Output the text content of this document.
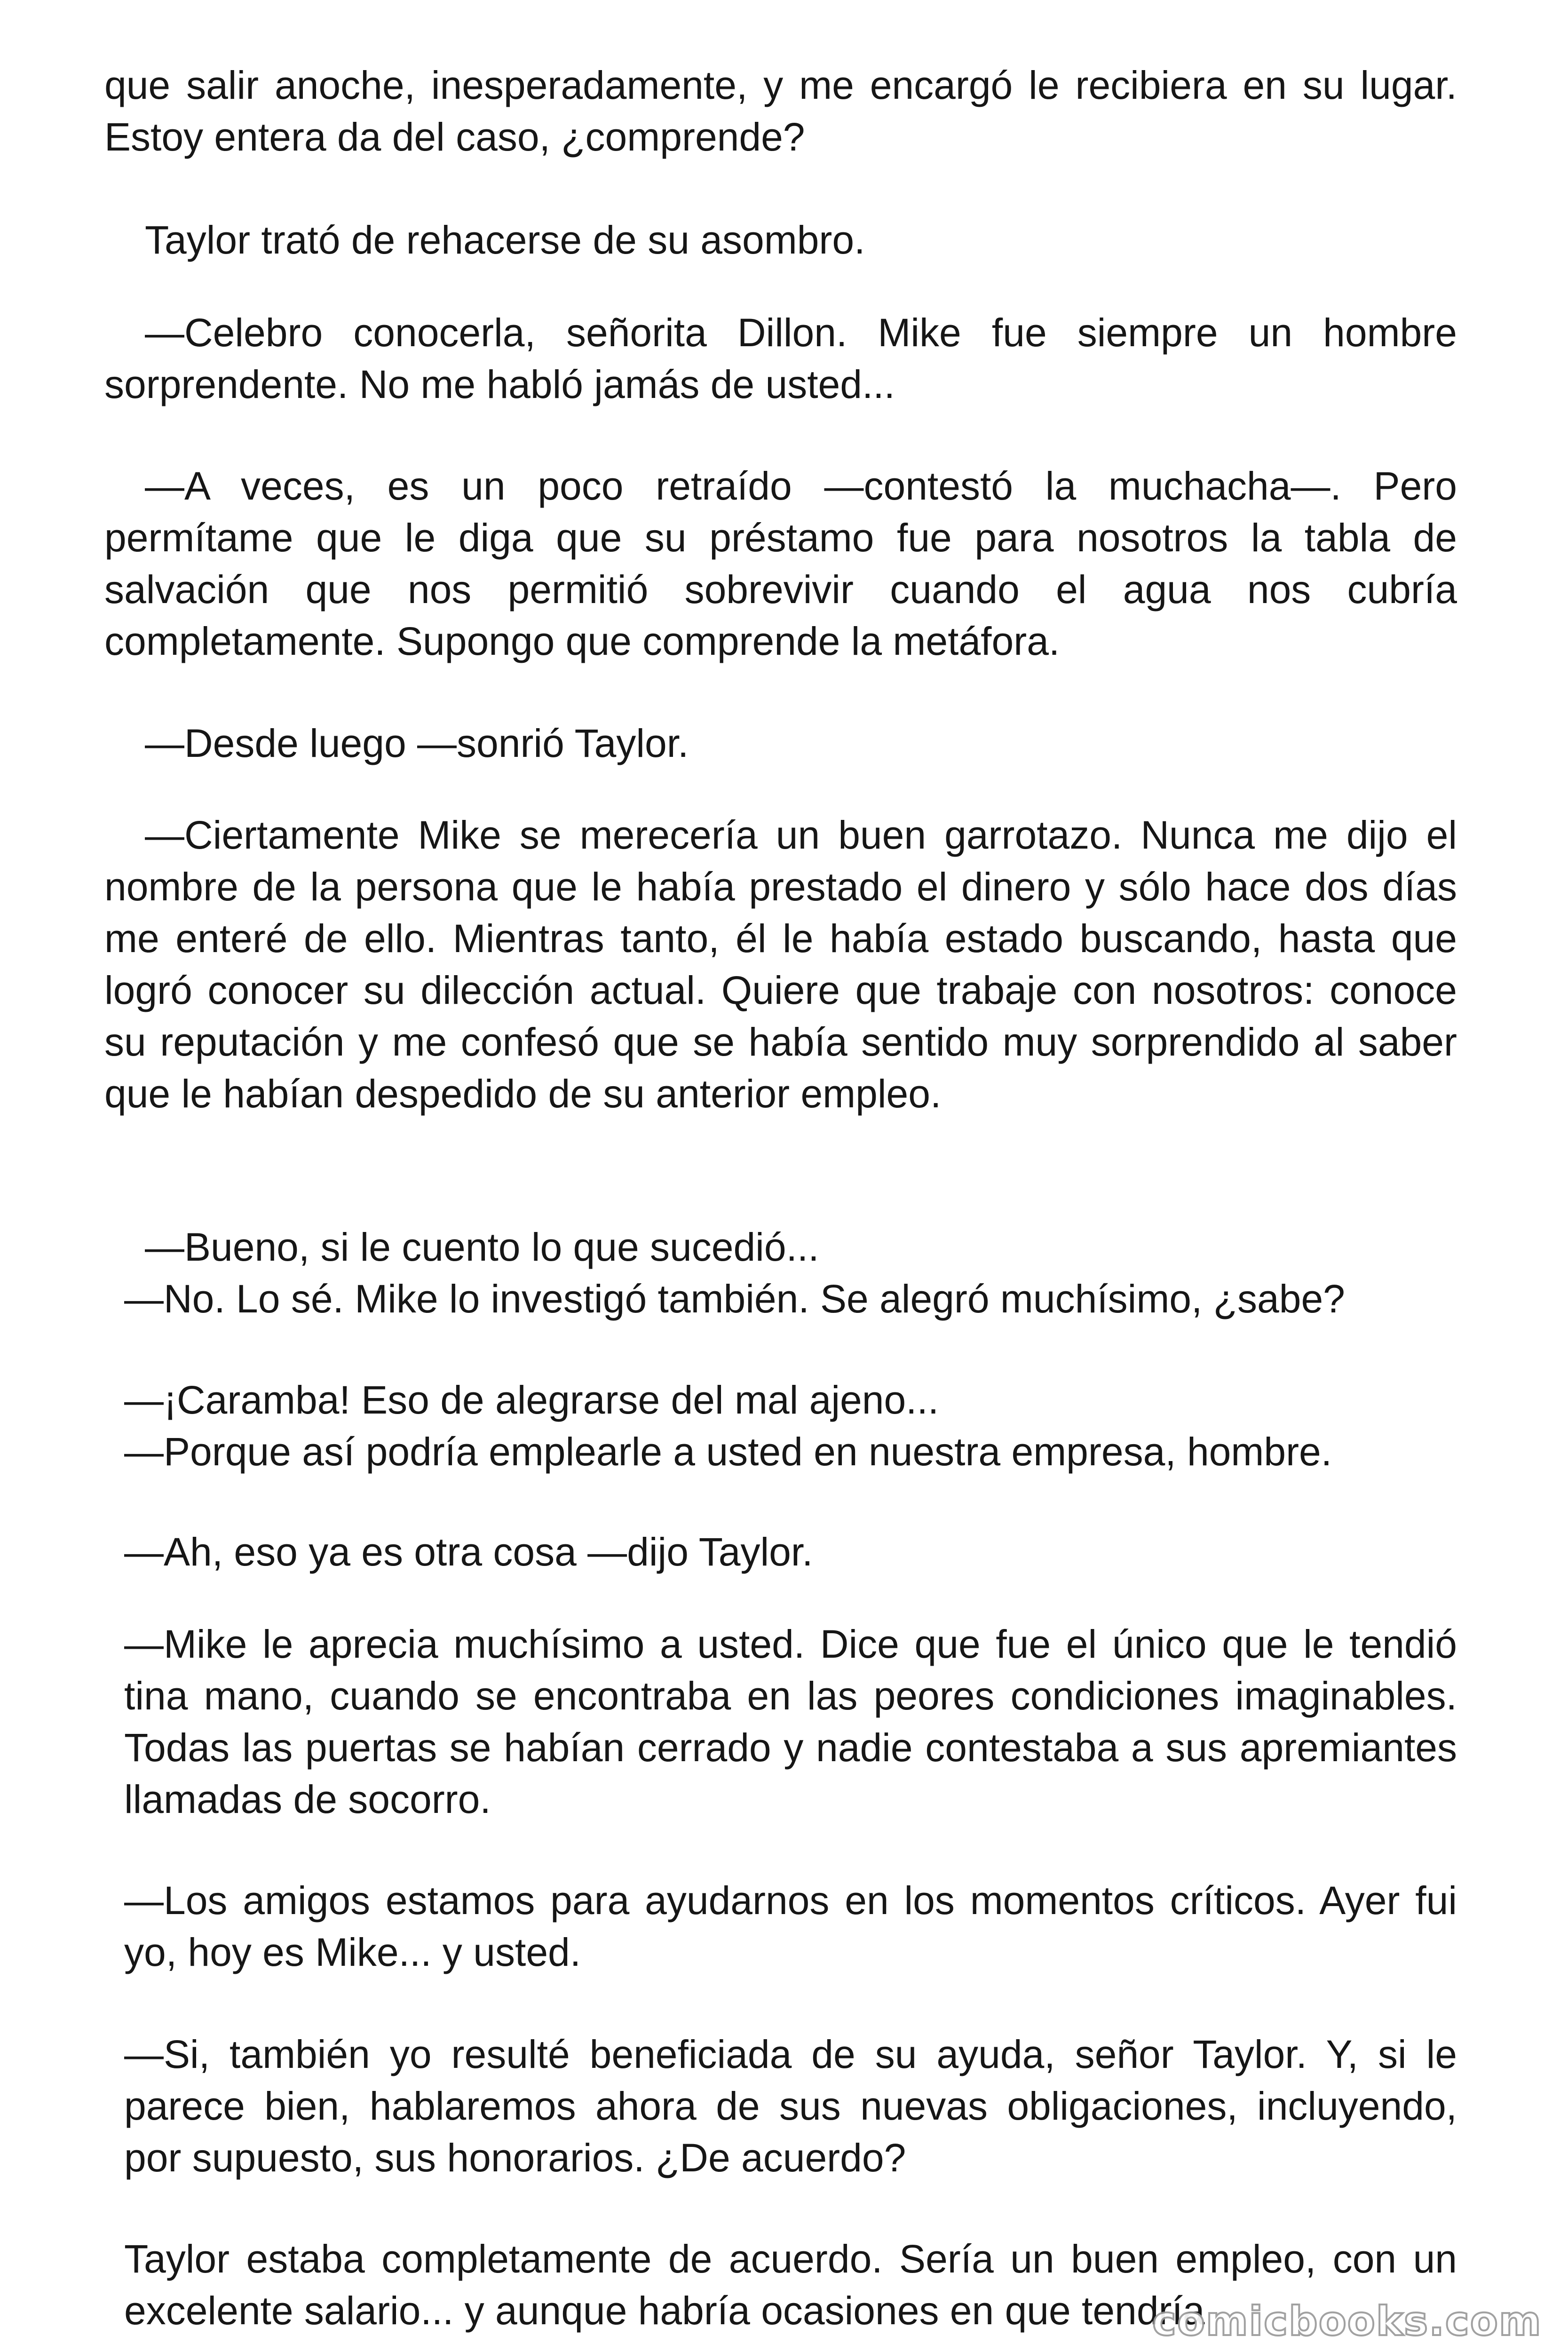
que salir anoche, inesperadamente, y me encargó le recibiera en su lugar. Estoy entera da del caso, ¿comprende?

Taylor trató de rehacerse de su asombro.

—Celebro conocerla, señorita Dillon. Mike fue siempre un hombre sorprendente. No me habló jamás de usted...

—A veces, es un poco retraído —contestó la muchacha—. Pero permítame que le diga que su préstamo fue para nosotros la tabla de salvación que nos permitió sobrevivir cuando el agua nos cubría completamente. Supongo que comprende la metáfora.

—Desde luego —sonrió Taylor.

—Ciertamente Mike se merecería un buen garrotazo. Nunca me dijo el nombre de la persona que le había prestado el dinero y sólo hace dos días me enteré de ello. Mientras tanto, él le había estado buscando, hasta que logró conocer su dilección actual. Quiere que trabaje con nosotros: conoce su reputación y me confesó que se había sentido muy sorprendido al saber que le habían despedido de su anterior empleo.

—Bueno, si le cuento lo que sucedió...

—No. Lo sé. Mike lo investigó también. Se alegró muchísimo, ¿sabe?

—¡Caramba! Eso de alegrarse del mal ajeno...

—Porque así podría emplearle a usted en nuestra empresa, hombre.

—Ah, eso ya es otra cosa —dijo Taylor.

—Mike le aprecia muchísimo a usted. Dice que fue el único que le tendió tina mano, cuando se encontraba en las peores condiciones imaginables. Todas las puertas se habían cerrado y nadie contestaba a sus apremiantes llamadas de socorro.

—Los amigos estamos para ayudarnos en los momentos críticos. Ayer fui yo, hoy es Mike... y usted.

—Si, también yo resulté beneficiada de su ayuda, señor Taylor. Y, si le parece bien, hablaremos ahora de sus nuevas obligaciones, incluyendo, por supuesto, sus honorarios. ¿De acuerdo?

Taylor estaba completamente de acuerdo. Sería un buen empleo, con un excelente salario... y aunque habría ocasiones en que tendría

comicbooks.com
